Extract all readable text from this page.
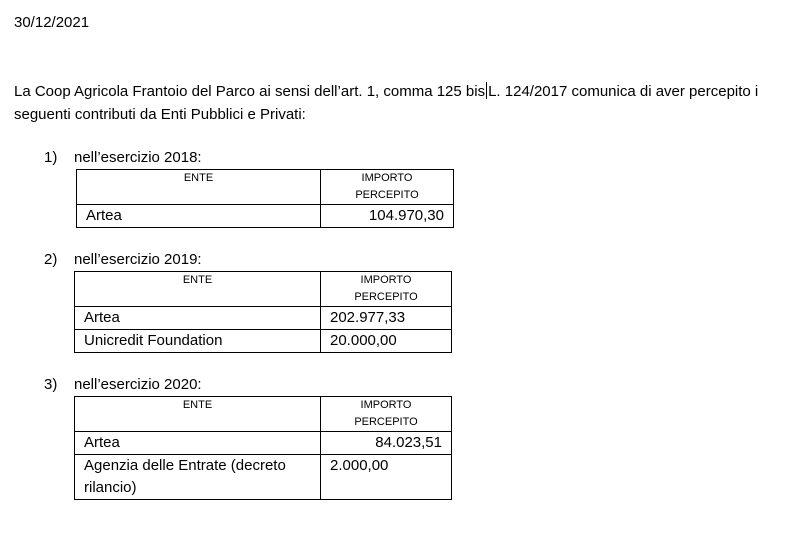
30/12/2021
La Coop Agricola Frantoio del Parco ai sensi dell’art. 1, comma 125 bis L. 124/2017 comunica di aver percepito i seguenti contributi da Enti Pubblici e Privati:
1) nell’esercizio 2018:
ENTE	IMPORTO
PERCEPITO
Artea	104.970,30
2) nell’esercizio 2019:
ENTE	IMPORTO
PERCEPITO
Artea	202.977,33
Unicredit Foundation	20.000,00
3) nell’esercizio 2020:
ENTE	IMPORTO
PERCEPITO
Artea	84.023,51
Agenzia delle Entrate (decreto rilancio)	2.000,00
